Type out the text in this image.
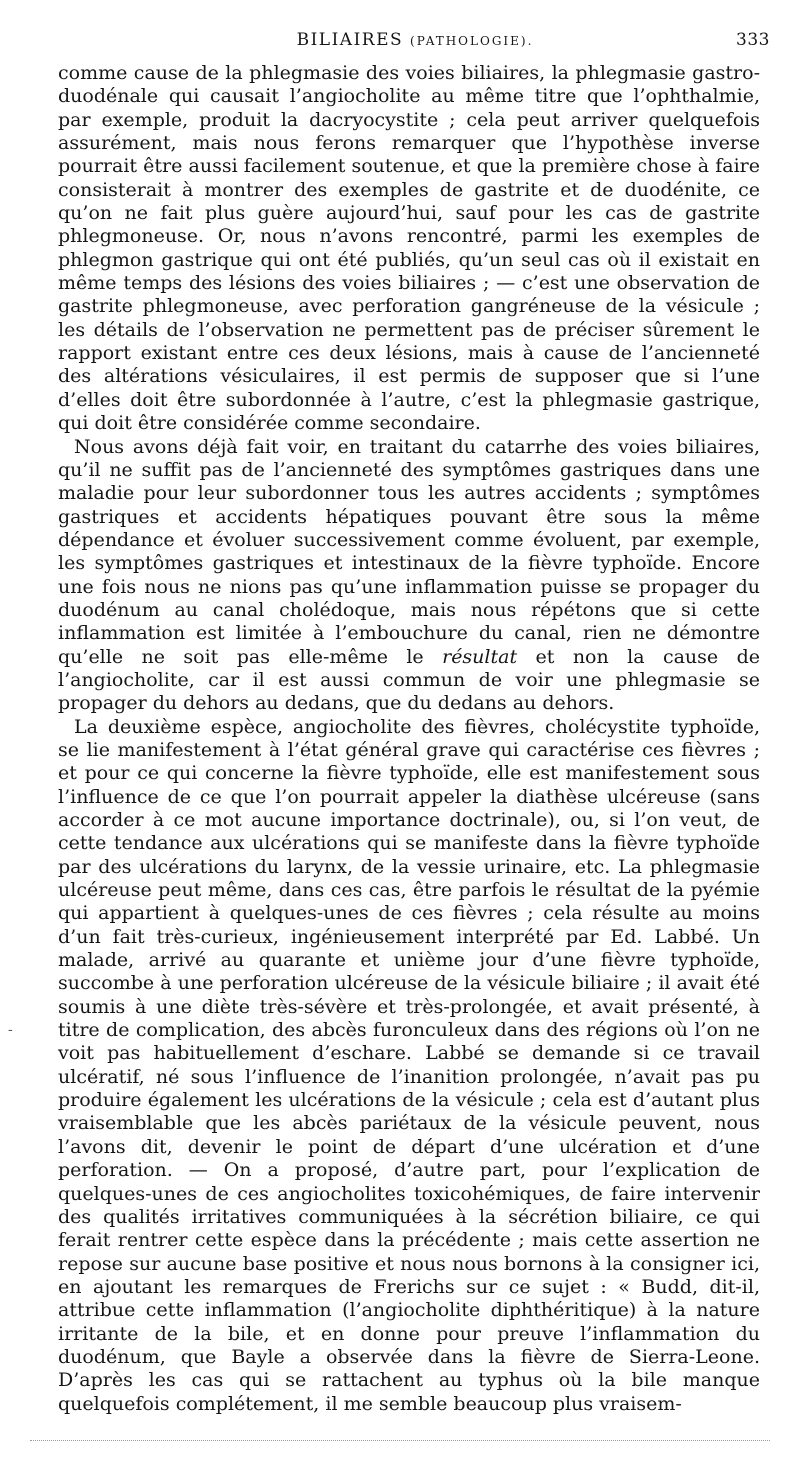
BILIAIRES (PATHOLOGIE).	333

comme cause de la phlegmasie des voies biliaires, la phlegmasie gastro-duodénale qui causait l’angiocholite au même titre que l’ophthalmie, par exemple, produit la dacryocystite ; cela peut arriver quelquefois assurément, mais nous ferons remarquer que l’hypothèse inverse pourrait être aussi facilement soutenue, et que la première chose à faire consisterait à montrer des exemples de gastrite et de duodénite, ce qu’on ne fait plus guère aujourd’hui, sauf pour les cas de gastrite phlegmoneuse. Or, nous n’avons rencontré, parmi les exemples de phlegmon gastrique qui ont été publiés, qu’un seul cas où il existait en même temps des lésions des voies biliaires ; — c’est une observation de gastrite phlegmoneuse, avec perforation gangréneuse de la vésicule ; les détails de l’observation ne permettent pas de préciser sûrement le rapport existant entre ces deux lésions, mais à cause de l’ancienneté des altérations vésiculaires, il est permis de supposer que si l’une d’elles doit être subordonnée à l’autre, c’est la phlegmasie gastrique, qui doit être considérée comme secondaire.

Nous avons déjà fait voir, en traitant du catarrhe des voies biliaires, qu’il ne suffit pas de l’ancienneté des symptômes gastriques dans une maladie pour leur subordonner tous les autres accidents ; symptômes gastriques et accidents hépatiques pouvant être sous la même dépendance et évoluer successivement comme évoluent, par exemple, les symptômes gastriques et intestinaux de la fièvre typhoïde. Encore une fois nous ne nions pas qu’une inflammation puisse se propager du duodénum au canal cholédoque, mais nous répétons que si cette inflammation est limitée à l’embouchure du canal, rien ne démontre qu’elle ne soit pas elle-même le résultat et non la cause de l’angiocholite, car il est aussi commun de voir une phlegmasie se propager du dehors au dedans, que du dedans au dehors.

La deuxième espèce, angiocholite des fièvres, cholécystite typhoïde, se lie manifestement à l’état général grave qui caractérise ces fièvres ; et pour ce qui concerne la fièvre typhoïde, elle est manifestement sous l’influence de ce que l’on pourrait appeler la diathèse ulcéreuse (sans accorder à ce mot aucune importance doctrinale), ou, si l’on veut, de cette tendance aux ulcérations qui se manifeste dans la fièvre typhoïde par des ulcérations du larynx, de la vessie urinaire, etc. La phlegmasie ulcéreuse peut même, dans ces cas, être parfois le résultat de la pyémie qui appartient à quelques-unes de ces fièvres ; cela résulte au moins d’un fait très-curieux, ingénieusement interprété par Ed. Labbé. Un malade, arrivé au quarante et unième jour d’une fièvre typhoïde, succombe à une perforation ulcéreuse de la vésicule biliaire ; il avait été soumis à une diète très-sévère et très-prolongée, et avait présenté, à titre de complication, des abcès furonculeux dans des régions où l’on ne voit pas habituellement d’eschare. Labbé se demande si ce travail ulcératif, né sous l’influence de l’inanition prolongée, n’avait pas pu produire également les ulcérations de la vésicule ; cela est d’autant plus vraisemblable que les abcès pariétaux de la vésicule peuvent, nous l’avons dit, devenir le point de départ d’une ulcération et d’une perforation. — On a proposé, d’autre part, pour l’explication de quelques-unes de ces angiocholites toxicohémiques, de faire intervenir des qualités irritatives communiquées à la sécrétion biliaire, ce qui ferait rentrer cette espèce dans la précédente ; mais cette assertion ne repose sur aucune base positive et nous nous bornons à la consigner ici, en ajoutant les remarques de Frerichs sur ce sujet : « Budd, dit-il, attribue cette inflammation (l’angiocholite diphthéritique) à la nature irritante de la bile, et en donne pour preuve l’inflammation du duodénum, que Bayle a observée dans la fièvre de Sierra-Leone. D’après les cas qui se rattachent au typhus où la bile manque quelquefois complétement, il me semble beaucoup plus vraisem-

-
